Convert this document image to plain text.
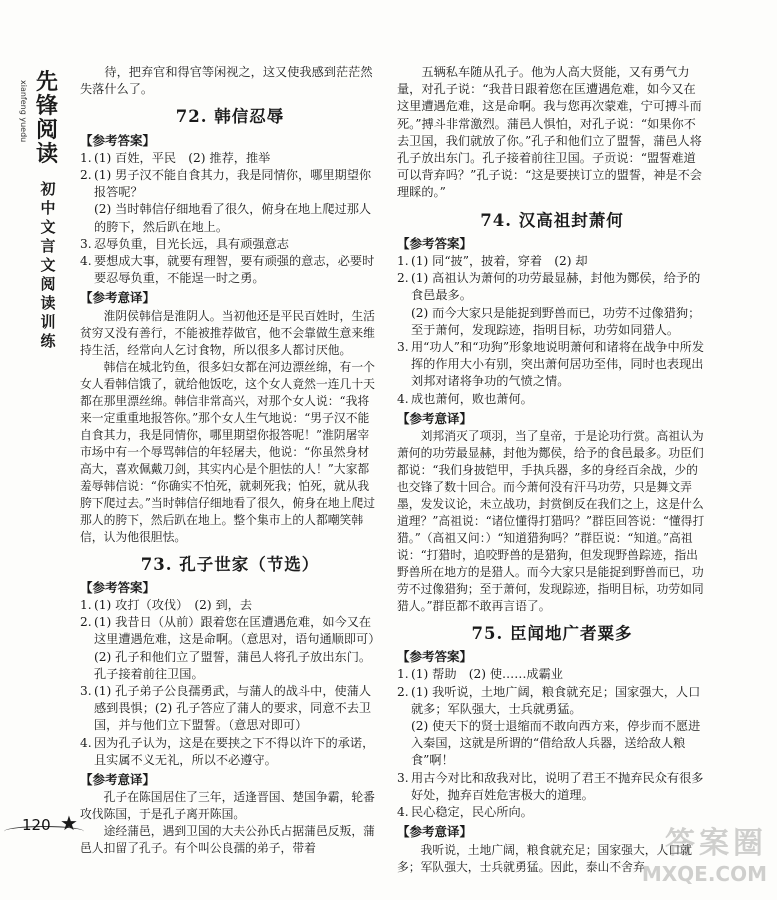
先锋阅读
xianfeng yuedu
初中文言文阅读训练

待，把弃官和得官等闲视之，这又使我感到茫茫然失落什么了。

72. 韩信忍辱
【参考答案】
1. (1) 百姓，平民　(2) 推荐，推举
2. (1) 男子汉不能自食其力，我是同情你，哪里期望你报答呢？

(2) 当时韩信仔细地看了很久，俯身在地上爬过那人的胯下，然后趴在地上。

3. 忍辱负重，目光长远，具有顽强意志
4. 要想成大事，就要有理智，要有顽强的意志，必要时要忍辱负重，不能逞一时之勇。
【参考意译】

淮阴侯韩信是淮阴人。当初他还是平民百姓时，生活贫穷又没有善行，不能被推荐做官，他不会靠做生意来维持生活，经常向人乞讨食物，所以很多人都讨厌他。

韩信在城北钓鱼，很多妇女都在河边漂丝绵，有一个女人看韩信饿了，就给他饭吃，这个女人竟然一连几十天都在那里漂丝绵。韩信非常高兴，对那个女人说：“我将来一定重重地报答你。”那个女人生气地说：“男子汉不能自食其力，我是同情你，哪里期望你报答呢！”淮阴屠宰市场中有一个辱骂韩信的年轻屠夫，他说：“你虽然身材高大，喜欢佩戴刀剑，其实内心是个胆怯的人！”大家都羞辱韩信说：“你确实不怕死，就刺死我；怕死，就从我胯下爬过去。”当时韩信仔细地看了很久，俯身在地上爬过那人的胯下，然后趴在地上。整个集市上的人都嘲笑韩信，认为他很胆怯。

73. 孔子世家（节选）
【参考答案】
1. (1) 攻打（攻伐）　(2) 到，去
2. (1) 我昔日（从前）跟着您在匡遭遇危难，如今又在这里遭遇危难，这是命啊。（意思对，语句通顺即可）

(2) 孔子和他们立了盟誓，蒲邑人将孔子放出东门。孔子接着前往卫国。

3. (1) 孔子弟子公良孺勇武，与蒲人的战斗中，使蒲人感到畏惧；(2) 孔子答应了蒲人的要求，同意不去卫国，并与他们立下盟誓。（意思对即可）
4. 因为孔子认为，这是在要挟之下不得以许下的承诺，且实属不义无礼，所以不必遵守。
【参考意译】

孔子在陈国居住了三年，适逢晋国、楚国争霸，轮番攻伐陈国，于是孔子离开陈国。

途经蒲邑，遇到卫国的大夫公孙氏占据蒲邑反叛，蒲邑人扣留了孔子。有个叫公良孺的弟子，带着

五辆私车随从孔子。他为人高大贤能，又有勇气力量，对孔子说：“我昔日跟着您在匡遭遇危难，如今又在这里遭遇危难，这是命啊。我与您再次蒙难，宁可搏斗而死。”搏斗非常激烈。蒲邑人惧怕，对孔子说：“如果你不去卫国，我们就放了你。”孔子和他们立了盟誓，蒲邑人将孔子放出东门。孔子接着前往卫国。子贡说：“盟誓难道可以背弃吗？”孔子说：“这是要挟订立的盟誓，神是不会理睬的。”

74. 汉高祖封萧何
【参考答案】
1. (1) 同“披”，披着，穿着　(2) 却
2. (1) 高祖认为萧何的功劳最显赫，封他为酂侯，给予的食邑最多。

(2) 而今大家只是能捉到野兽而已，功劳不过像猎狗；至于萧何，发现踪迹，指明目标，功劳如同猎人。

3. 用“功人”和“功狗”形象地说明萧何和诸将在战争中所发挥的作用大小有别，突出萧何居功至伟，同时也表现出刘邦对诸将争功的气愤之情。
4. 成也萧何，败也萧何。
【参考意译】

刘邦消灭了项羽，当了皇帝，于是论功行赏。高祖认为萧何的功劳最显赫，封他为酂侯，给予的食邑最多。功臣们都说：“我们身披铠甲，手执兵器，多的身经百余战，少的也交锋了数十回合。而今萧何没有汗马功劳，只是舞文弄墨，发发议论，未立战功，封赏倒反在我们之上，这是什么道理？”高祖说：“诸位懂得打猎吗？”群臣回答说：“懂得打猎。”（高祖又问：）“知道猎狗吗？”群臣说：“知道。”高祖说：“打猎时，追咬野兽的是猎狗，但发现野兽踪迹，指出野兽所在地方的是猎人。而今大家只是能捉到野兽而已，功劳不过像猎狗；至于萧何，发现踪迹，指明目标，功劳如同猎人。”群臣都不敢再言语了。

75. 臣闻地广者粟多
【参考答案】
1. (1) 帮助　(2) 使……成霸业
2. (1) 我听说，土地广阔，粮食就充足；国家强大，人口就多；军队强大，士兵就勇猛。

(2) 使天下的贤士退缩而不敢向西方来，停步而不愿进入秦国，这就是所谓的“借给敌人兵器，送给敌人粮食”啊！

3. 用古今对比和敌我对比，说明了君王不抛弃民众有很多好处，抛弃百姓危害极大的道理。
4. 民心稳定，民心所向。
【参考意译】

我听说，土地广阔，粮食就充足；国家强大，人口就多；军队强大，士兵就勇猛。因此，泰山不舍弃

120 ★
答案圈
MXQE.COM
